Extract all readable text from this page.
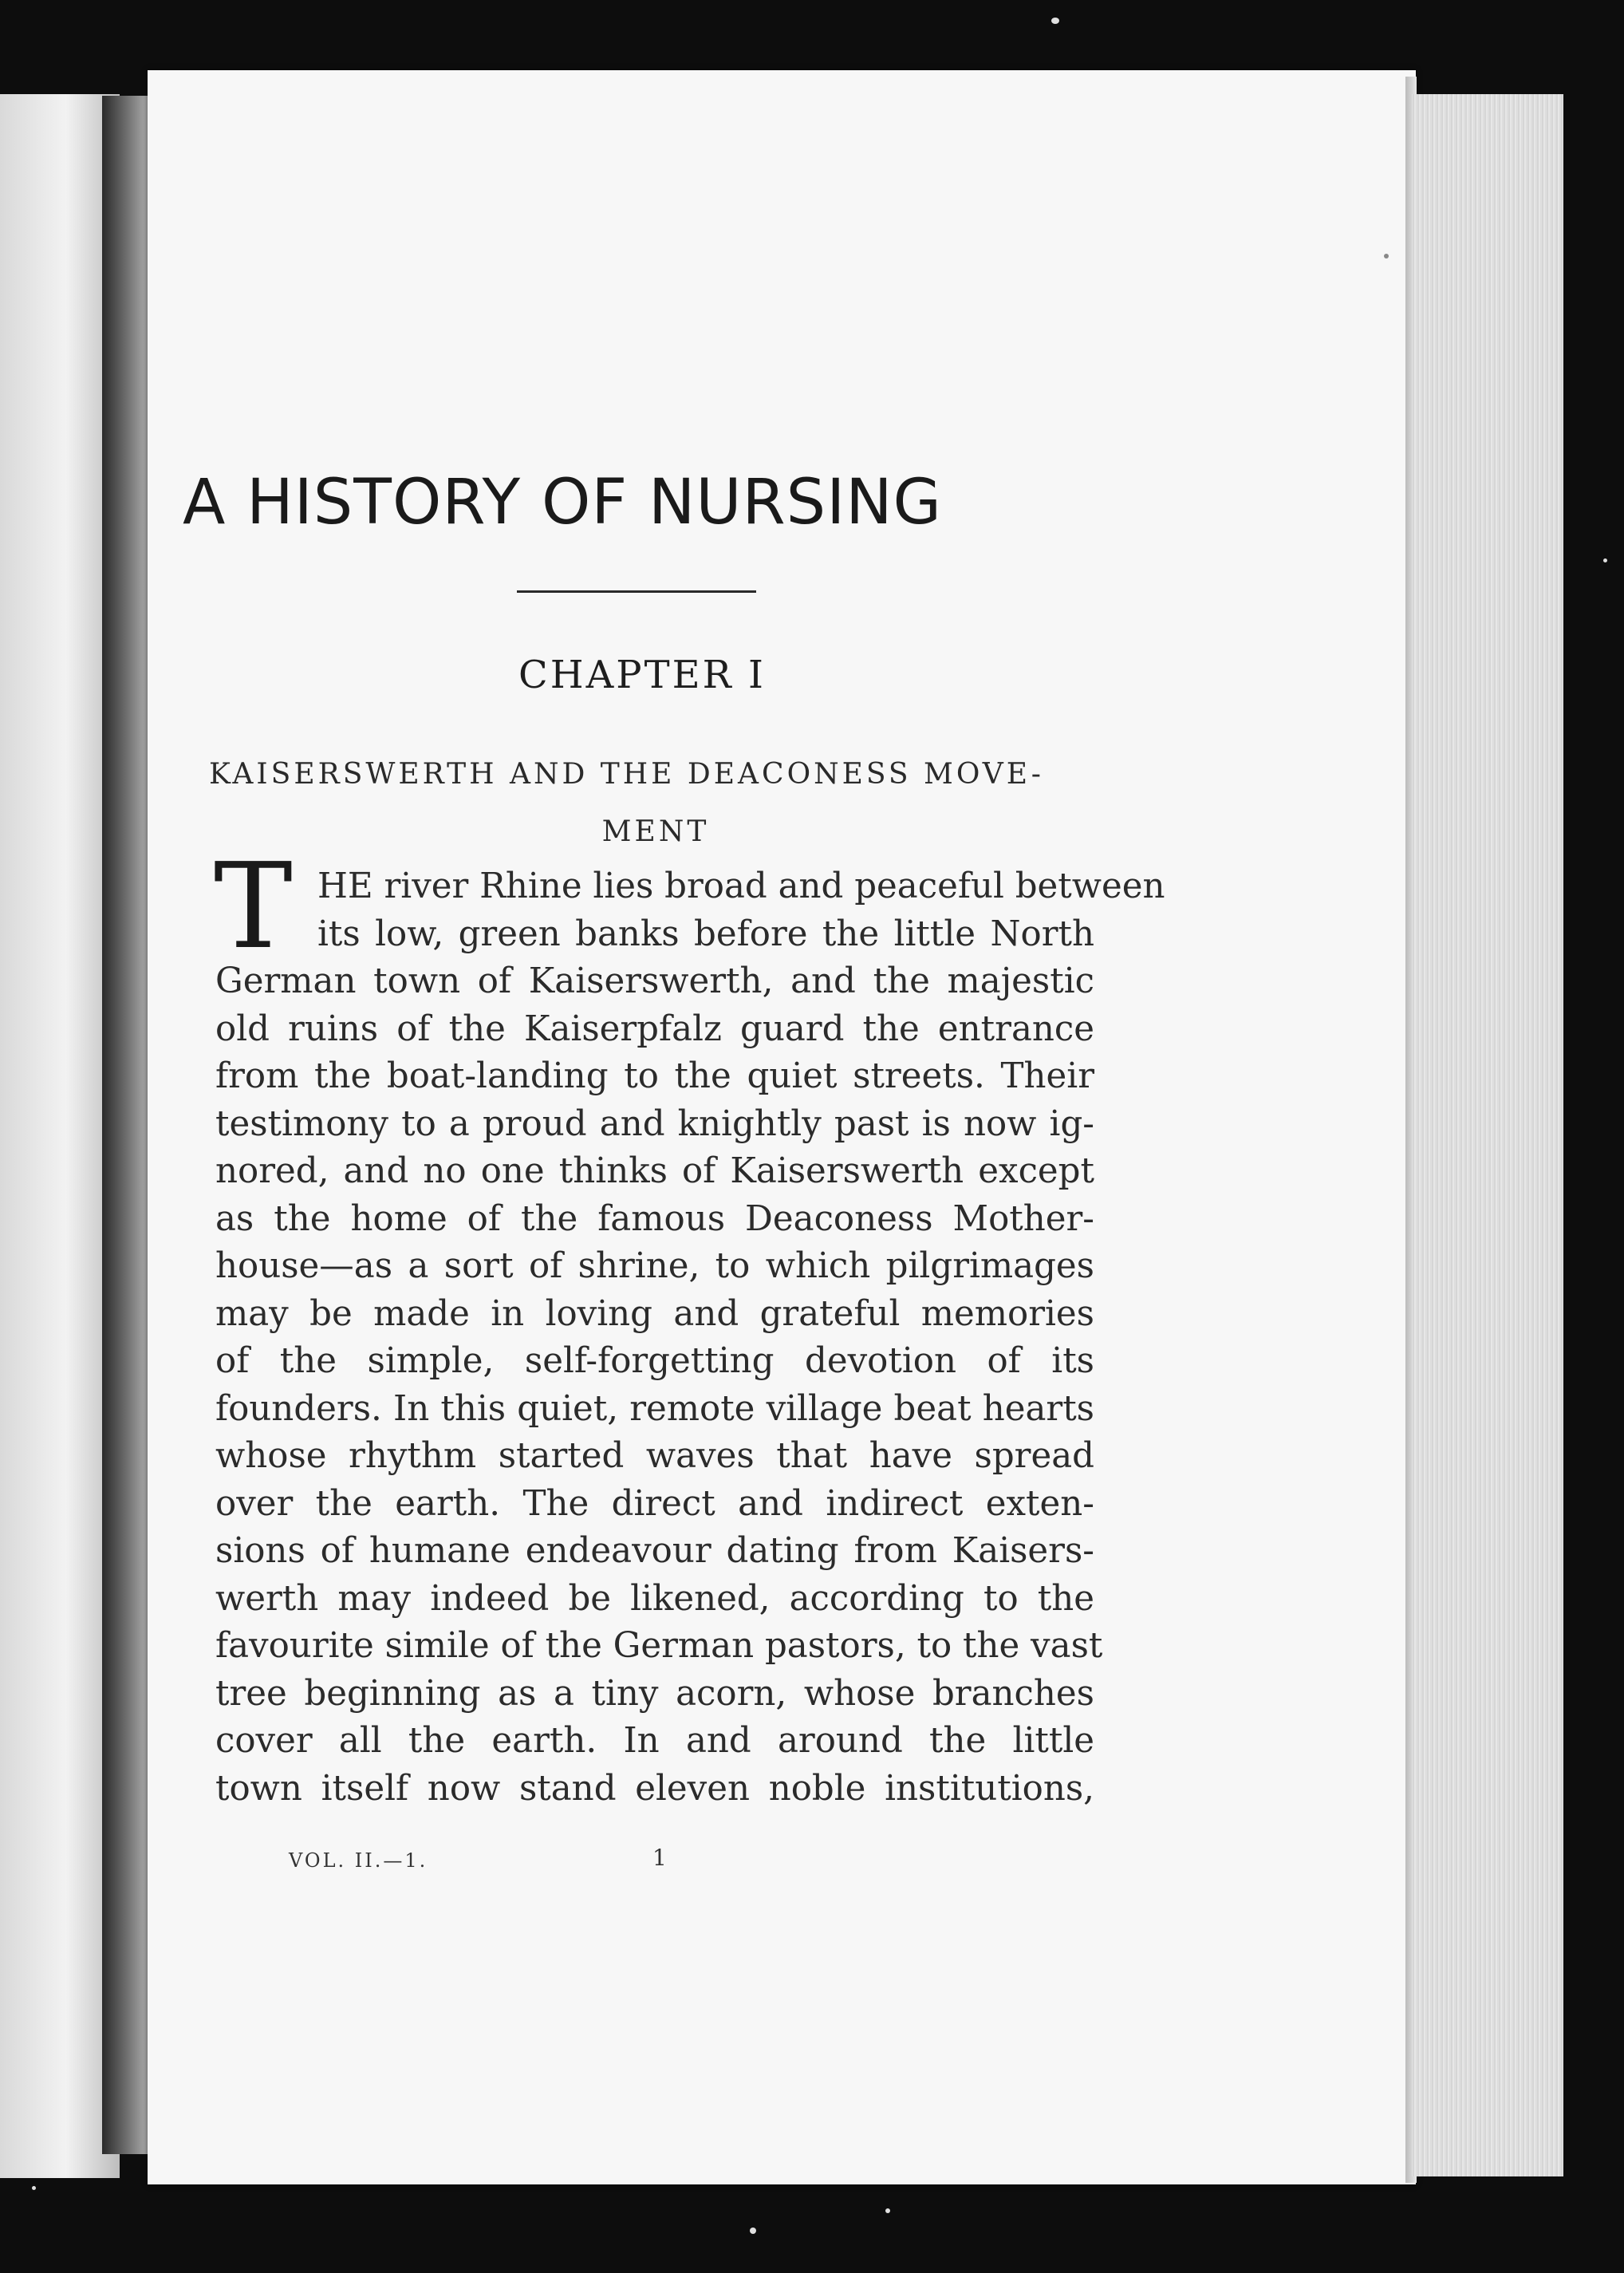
A HISTORY OF NURSING
CHAPTER I
KAISERSWERTH AND THE DEACONESS MOVE-
MENT
T HE river Rhine lies broad and peaceful between
its low, green banks before the little North
German town of Kaiserswerth, and the majestic
old ruins of the Kaiserpfalz guard the entrance
from the boat-landing to the quiet streets. Their
testimony to a proud and knightly past is now ig-
nored, and no one thinks of Kaiserswerth except
as the home of the famous Deaconess Mother-
house—as a sort of shrine, to which pilgrimages
may be made in loving and grateful memories
of the simple, self-forgetting devotion of its
founders. In this quiet, remote village beat hearts
whose rhythm started waves that have spread
over the earth. The direct and indirect exten-
sions of humane endeavour dating from Kaisers-
werth may indeed be likened, according to the
favourite simile of the German pastors, to the vast
tree beginning as a tiny acorn, whose branches
cover all the earth. In and around the little
town itself now stand eleven noble institutions,
VOL. II.—1.	1
